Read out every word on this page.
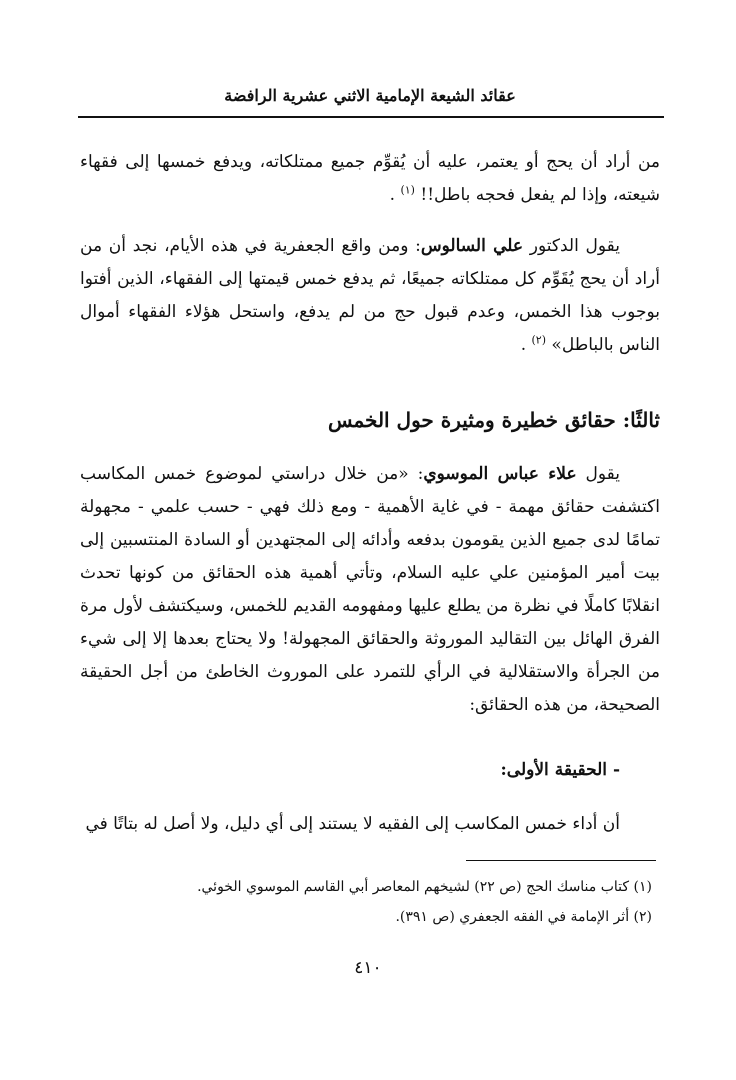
عقائد الشيعة الإمامية الاثني عشرية الرافضة

من أراد أن يحج أو يعتمر، عليه أن يُقوِّم جميع ممتلكاته، ويدفع خمسها إلى فقهاء شيعته، وإذا لم يفعل فحجه باطل!! $^{(١)}$ .

يقول الدكتور علي السالوس: ومن واقع الجعفرية في هذه الأيام، نجد أن من أراد أن يحج يُقَوِّم كل ممتلكاته جميعًا، ثم يدفع خمس قيمتها إلى الفقهاء، الذين أفتوا بوجوب هذا الخمس، وعدم قبول حج من لم يدفع، واستحل هؤلاء الفقهاء أموال الناس بالباطل» $^{(٢)}$ .

ثالثًا: حقائق خطيرة ومثيرة حول الخمس

يقول علاء عباس الموسوي: «من خلال دراستي لموضوع خمس المكاسب اكتشفت حقائق مهمة - في غاية الأهمية - ومع ذلك فهي - حسب علمي - مجهولة تمامًا لدى جميع الذين يقومون بدفعه وأدائه إلى المجتهدين أو السادة المنتسبين إلى بيت أمير المؤمنين علي عليه السلام، وتأتي أهمية هذه الحقائق من كونها تحدث انقلابًا كاملًا في نظرة من يطلع عليها ومفهومه القديم للخمس، وسيكتشف لأول مرة الفرق الهائل بين التقاليد الموروثة والحقائق المجهولة! ولا يحتاج بعدها إلا إلى شيء من الجرأة والاستقلالية في الرأي للتمرد على الموروث الخاطئ من أجل الحقيقة الصحيحة، من هذه الحقائق:

- الحقيقة الأولى:

أن أداء خمس المكاسب إلى الفقيه لا يستند إلى أي دليل، ولا أصل له بتاتًا في

(١) كتاب مناسك الحج (ص ٢٢) لشيخهم المعاصر أبي القاسم الموسوي الخوئي.
(٢) أثر الإمامة في الفقه الجعفري (ص ٣٩١).
٤١٠
